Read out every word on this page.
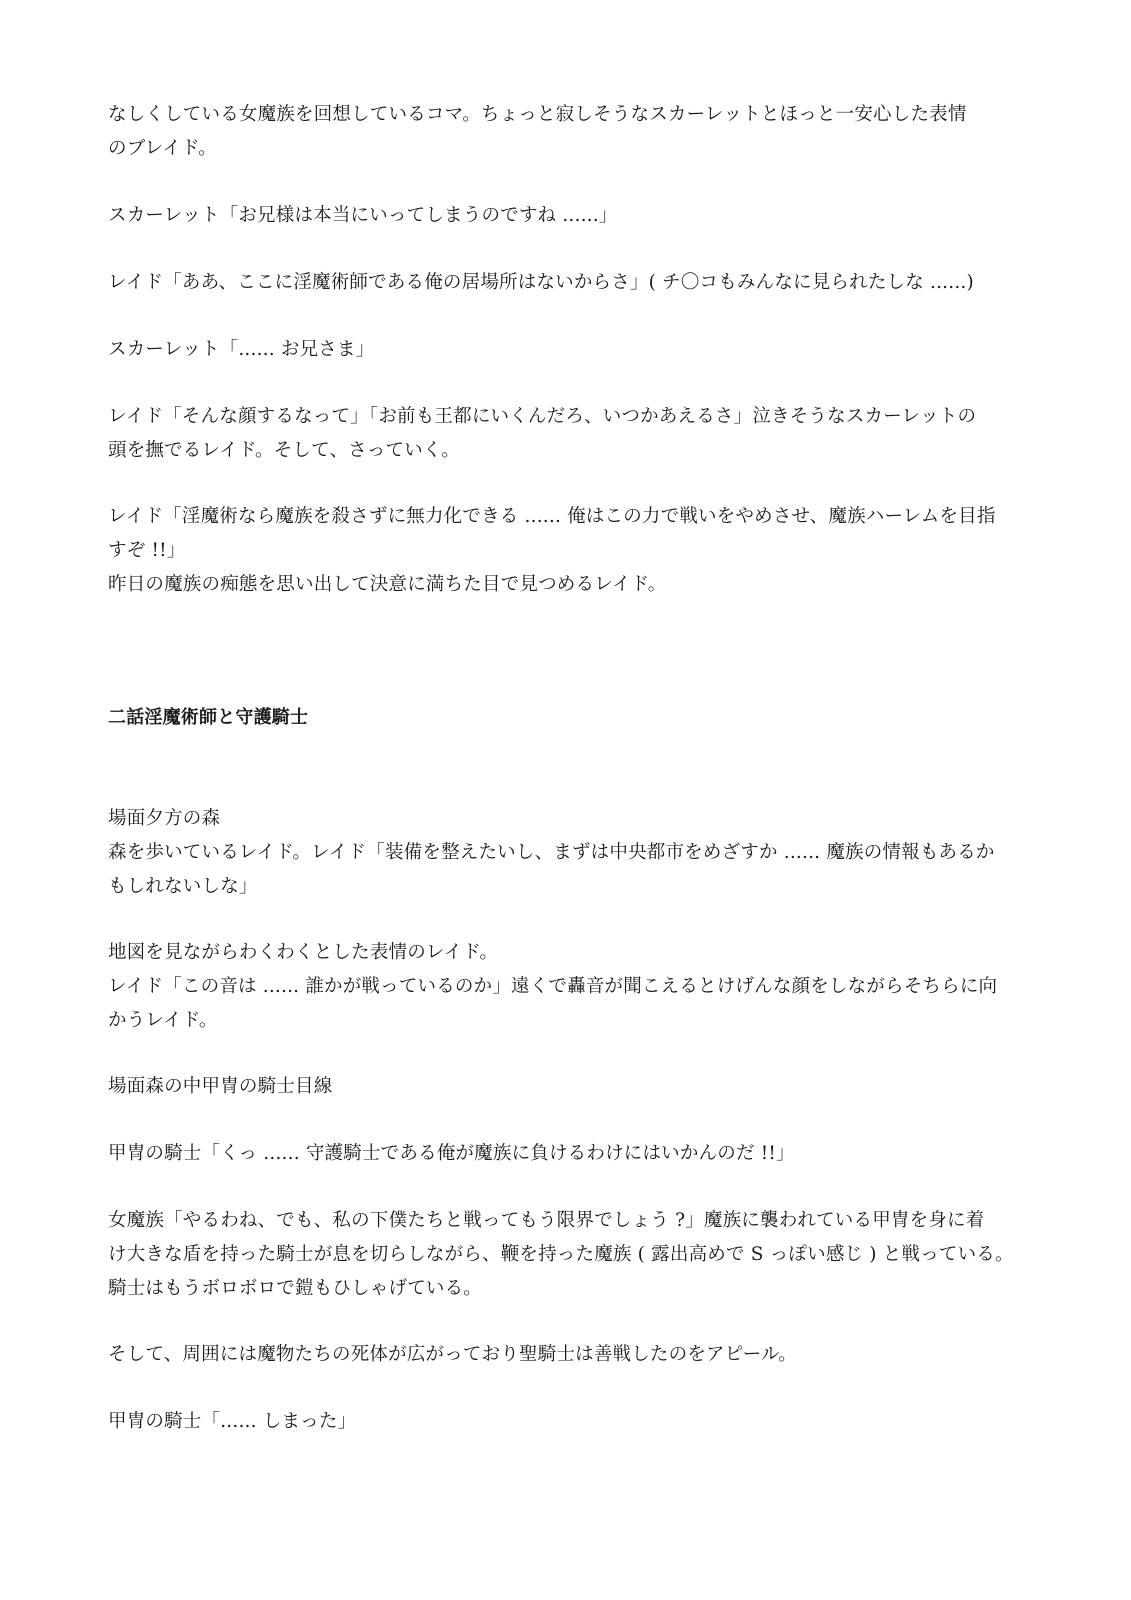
なしくしている女魔族を回想しているコマ。ちょっと寂しそうなスカーレットとほっと一安心した表情
のブレイド。
スカーレット「お兄様は本当にいってしまうのですね ......」
レイド「ああ、ここに淫魔術師である俺の居場所はないからさ」( チ〇コもみんなに見られたしな ......)
スカーレット「...... お兄さま」
レイド「そんな顔するなって」「お前も王都にいくんだろ、いつかあえるさ」泣きそうなスカーレットの
頭を撫でるレイド。そして、さっていく。
レイド「淫魔術なら魔族を殺さずに無力化できる ...... 俺はこの力で戦いをやめさせ、魔族ハーレムを目指
すぞ !!」
昨日の魔族の痴態を思い出して決意に満ちた目で見つめるレイド。
二話淫魔術師と守護騎士
場面夕方の森
森を歩いているレイド。レイド「装備を整えたいし、まずは中央都市をめざすか ...... 魔族の情報もあるか
もしれないしな」
地図を見ながらわくわくとした表情のレイド。
レイド「この音は ...... 誰かが戦っているのか」遠くで轟音が聞こえるとけげんな顔をしながらそちらに向
かうレイド。
場面森の中甲冑の騎士目線
甲冑の騎士「くっ ...... 守護騎士である俺が魔族に負けるわけにはいかんのだ !!」
女魔族「やるわね、でも、私の下僕たちと戦ってもう限界でしょう ?」魔族に襲われている甲冑を身に着
け大きな盾を持った騎士が息を切らしながら、鞭を持った魔族 ( 露出高めで S っぽい感じ ) と戦っている。
騎士はもうボロボロで鎧もひしゃげている。
そして、周囲には魔物たちの死体が広がっており聖騎士は善戦したのをアピール。
甲冑の騎士「...... しまった」
